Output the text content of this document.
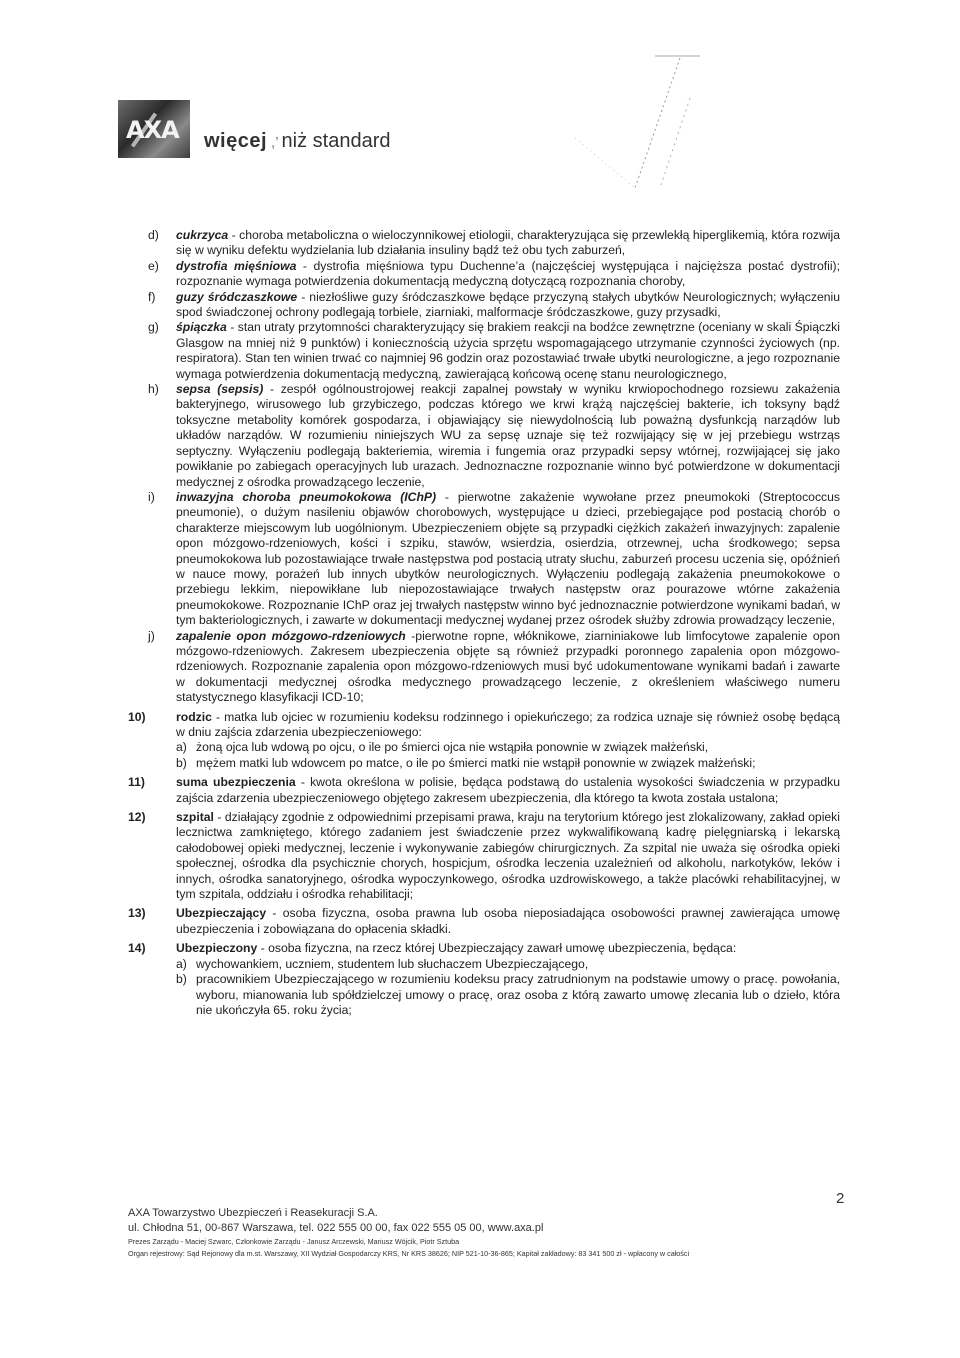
AXA więcej ,’ niż standard
d) cukrzyca - choroba metaboliczna o wieloczynnikowej etiologii, charakteryzująca się przewlekłą hiperglikemią, która rozwija się w wyniku defektu wydzielania lub działania insuliny bądź też obu tych zaburzeń,
e) dystrofia mięśniowa - dystrofia mięśniowa typu Duchenne’a (najczęściej występująca i najcięższa postać dystrofii); rozpoznanie wymaga potwierdzenia dokumentacją medyczną dotyczącą rozpoznania choroby,
f) guzy śródczaszkowe - niezłośliwe guzy śródczaszkowe będące przyczyną stałych ubytków Neurologicznych; wyłączeniu spod świadczonej ochrony podlegają torbiele, ziarniaki, malformacje śródczaszkowe, guzy przysadki,
g) śpiączka - stan utraty przytomności charakteryzujący się brakiem reakcji na bodźce zewnętrzne (oceniany w skali Śpiączki Glasgow na mniej niż 9 punktów) i koniecznością użycia sprzętu wspomagającego utrzymanie czynności życiowych (np. respiratora). Stan ten winien trwać co najmniej 96 godzin oraz pozostawiać trwałe ubytki neurologiczne, a jego rozpoznanie wymaga potwierdzenia dokumentacją medyczną, zawierającą końcową ocenę stanu neurologicznego,
h) sepsa (sepsis) - zespół ogólnoustrojowej reakcji zapalnej powstały w wyniku krwiopochodnego rozsiewu zakażenia bakteryjnego, wirusowego lub grzybiczego, podczas którego we krwi krążą najczęściej bakterie, ich toksyny bądź toksyczne metabolity komórek gospodarza, i objawiający się niewydolnością lub poważną dysfunkcją narządów lub układów narządów. W rozumieniu niniejszych WU za sepsę uznaje się też rozwijający się w jej przebiegu wstrząs septyczny. Wyłączeniu podlegają bakteriemia, wiremia i fungemia oraz przypadki sepsy wtórnej, rozwijającej się jako powikłanie po zabiegach operacyjnych lub urazach. Jednoznaczne rozpoznanie winno być potwierdzone w dokumentacji medycznej z ośrodka prowadzącego leczenie,
i) inwazyjna choroba pneumokokowa (IChP) - pierwotne zakażenie wywołane przez pneumokoki (Streptococcus pneumonie), o dużym nasileniu objawów chorobowych, występujące u dzieci, przebiegające pod postacią chorób o charakterze miejscowym lub uogólnionym. Ubezpieczeniem objęte są przypadki ciężkich zakażeń inwazyjnych: zapalenie opon mózgowo-rdzeniowych, kości i szpiku, stawów, wsierdzia, osierdzia, otrzewnej, ucha środkowego; sepsa pneumokokowa lub pozostawiające trwałe następstwa pod postacią utraty słuchu, zaburzeń procesu uczenia się, opóźnień w nauce mowy, porażeń lub innych ubytków neurologicznych. Wyłączeniu podlegają zakażenia pneumokokowe o przebiegu lekkim, niepowikłane lub niepozostawiające trwałych następstw oraz pourazowe wtórne zakażenia pneumokokowe. Rozpoznanie IChP oraz jej trwałych następstw winno być jednoznacznie potwierdzone wynikami badań, w tym bakteriologicznych, i zawarte w dokumentacji medycznej wydanej przez ośrodek służby zdrowia prowadzący leczenie,
j) zapalenie opon mózgowo-rdzeniowych -pierwotne ropne, włóknikowe, ziarniniakowe lub limfocytowe zapalenie opon mózgowo-rdzeniowych. Zakresem ubezpieczenia objęte są również przypadki poronnego zapalenia opon mózgowo-rdzeniowych. Rozpoznanie zapalenia opon mózgowo-rdzeniowych musi być udokumentowane wynikami badań i zawarte w dokumentacji medycznej ośrodka medycznego prowadzącego leczenie, z określeniem właściwego numeru statystycznego klasyfikacji ICD-10;
10) rodzic - matka lub ojciec w rozumieniu kodeksu rodzinnego i opiekuńczego; za rodzica uznaje się również osobę będącą w dniu zajścia zdarzenia ubezpieczeniowego:
a) żoną ojca lub wdową po ojcu, o ile po śmierci ojca nie wstąpiła ponownie w związek małżeński,
b) mężem matki lub wdowcem po matce, o ile po śmierci matki nie wstąpił ponownie w związek małżeński;
11)	suma ubezpieczenia - kwota określona w polisie, będąca podstawą do ustalenia wysokości świadczenia w przypadku zajścia zdarzenia ubezpieczeniowego objętego zakresem ubezpieczenia, dla którego ta kwota została ustalona;
12) szpital - działający zgodnie z odpowiednimi przepisami prawa, kraju na terytorium którego jest zlokalizowany, zakład opieki lecznictwa zamkniętego, którego zadaniem jest świadczenie przez wykwalifikowaną kadrę pielęgniarską i lekarską całodobowej opieki medycznej, leczenie i wykonywanie zabiegów chirurgicznych. Za szpital nie uważa się ośrodka opieki społecznej, ośrodka dla psychicznie chorych, hospicjum, ośrodka leczenia uzależnień od alkoholu, narkotyków, leków i innych, ośrodka sanatoryjnego, ośrodka wypoczynkowego, ośrodka uzdrowiskowego, a także placówki rehabilitacyjnej, w tym szpitala, oddziału i ośrodka rehabilitacji;
13) Ubezpieczający - osoba fizyczna, osoba prawna lub osoba nieposiadająca osobowości prawnej zawierająca umowę ubezpieczenia i zobowiązana do opłacenia składki.
14) Ubezpieczony - osoba fizyczna, na rzecz której Ubezpieczający zawarł umowę ubezpieczenia, będąca:
a) wychowankiem, uczniem, studentem lub słuchaczem Ubezpieczającego,
b) pracownikiem Ubezpieczającego w rozumieniu kodeksu pracy zatrudnionym na podstawie umowy o pracę. powołania, wyboru, mianowania lub spółdzielczej umowy o pracę, oraz osoba z którą zawarto umowę zlecania lub o dzieło, która nie ukończyła 65. roku życia;
2
AXA Towarzystwo Ubezpieczeń i Reasekuracji S.A.
ul. Chłodna 51, 00-867 Warszawa, tel. 022 555 00 00, fax 022 555 05 00, www.axa.pl
Prezes Zarządu - Maciej Szwarc, Członkowie Zarządu - Janusz Arczewski, Mariusz Wójcik, Piotr Sztuba
Organ rejestrowy: Sąd Rejonowy dla m.st. Warszawy, XII Wydział Gospodarczy KRS, Nr KRS 38626; NIP 521-10-36-865; Kapitał zakładowy: 83 341 500 zł - wpłacony w całości
